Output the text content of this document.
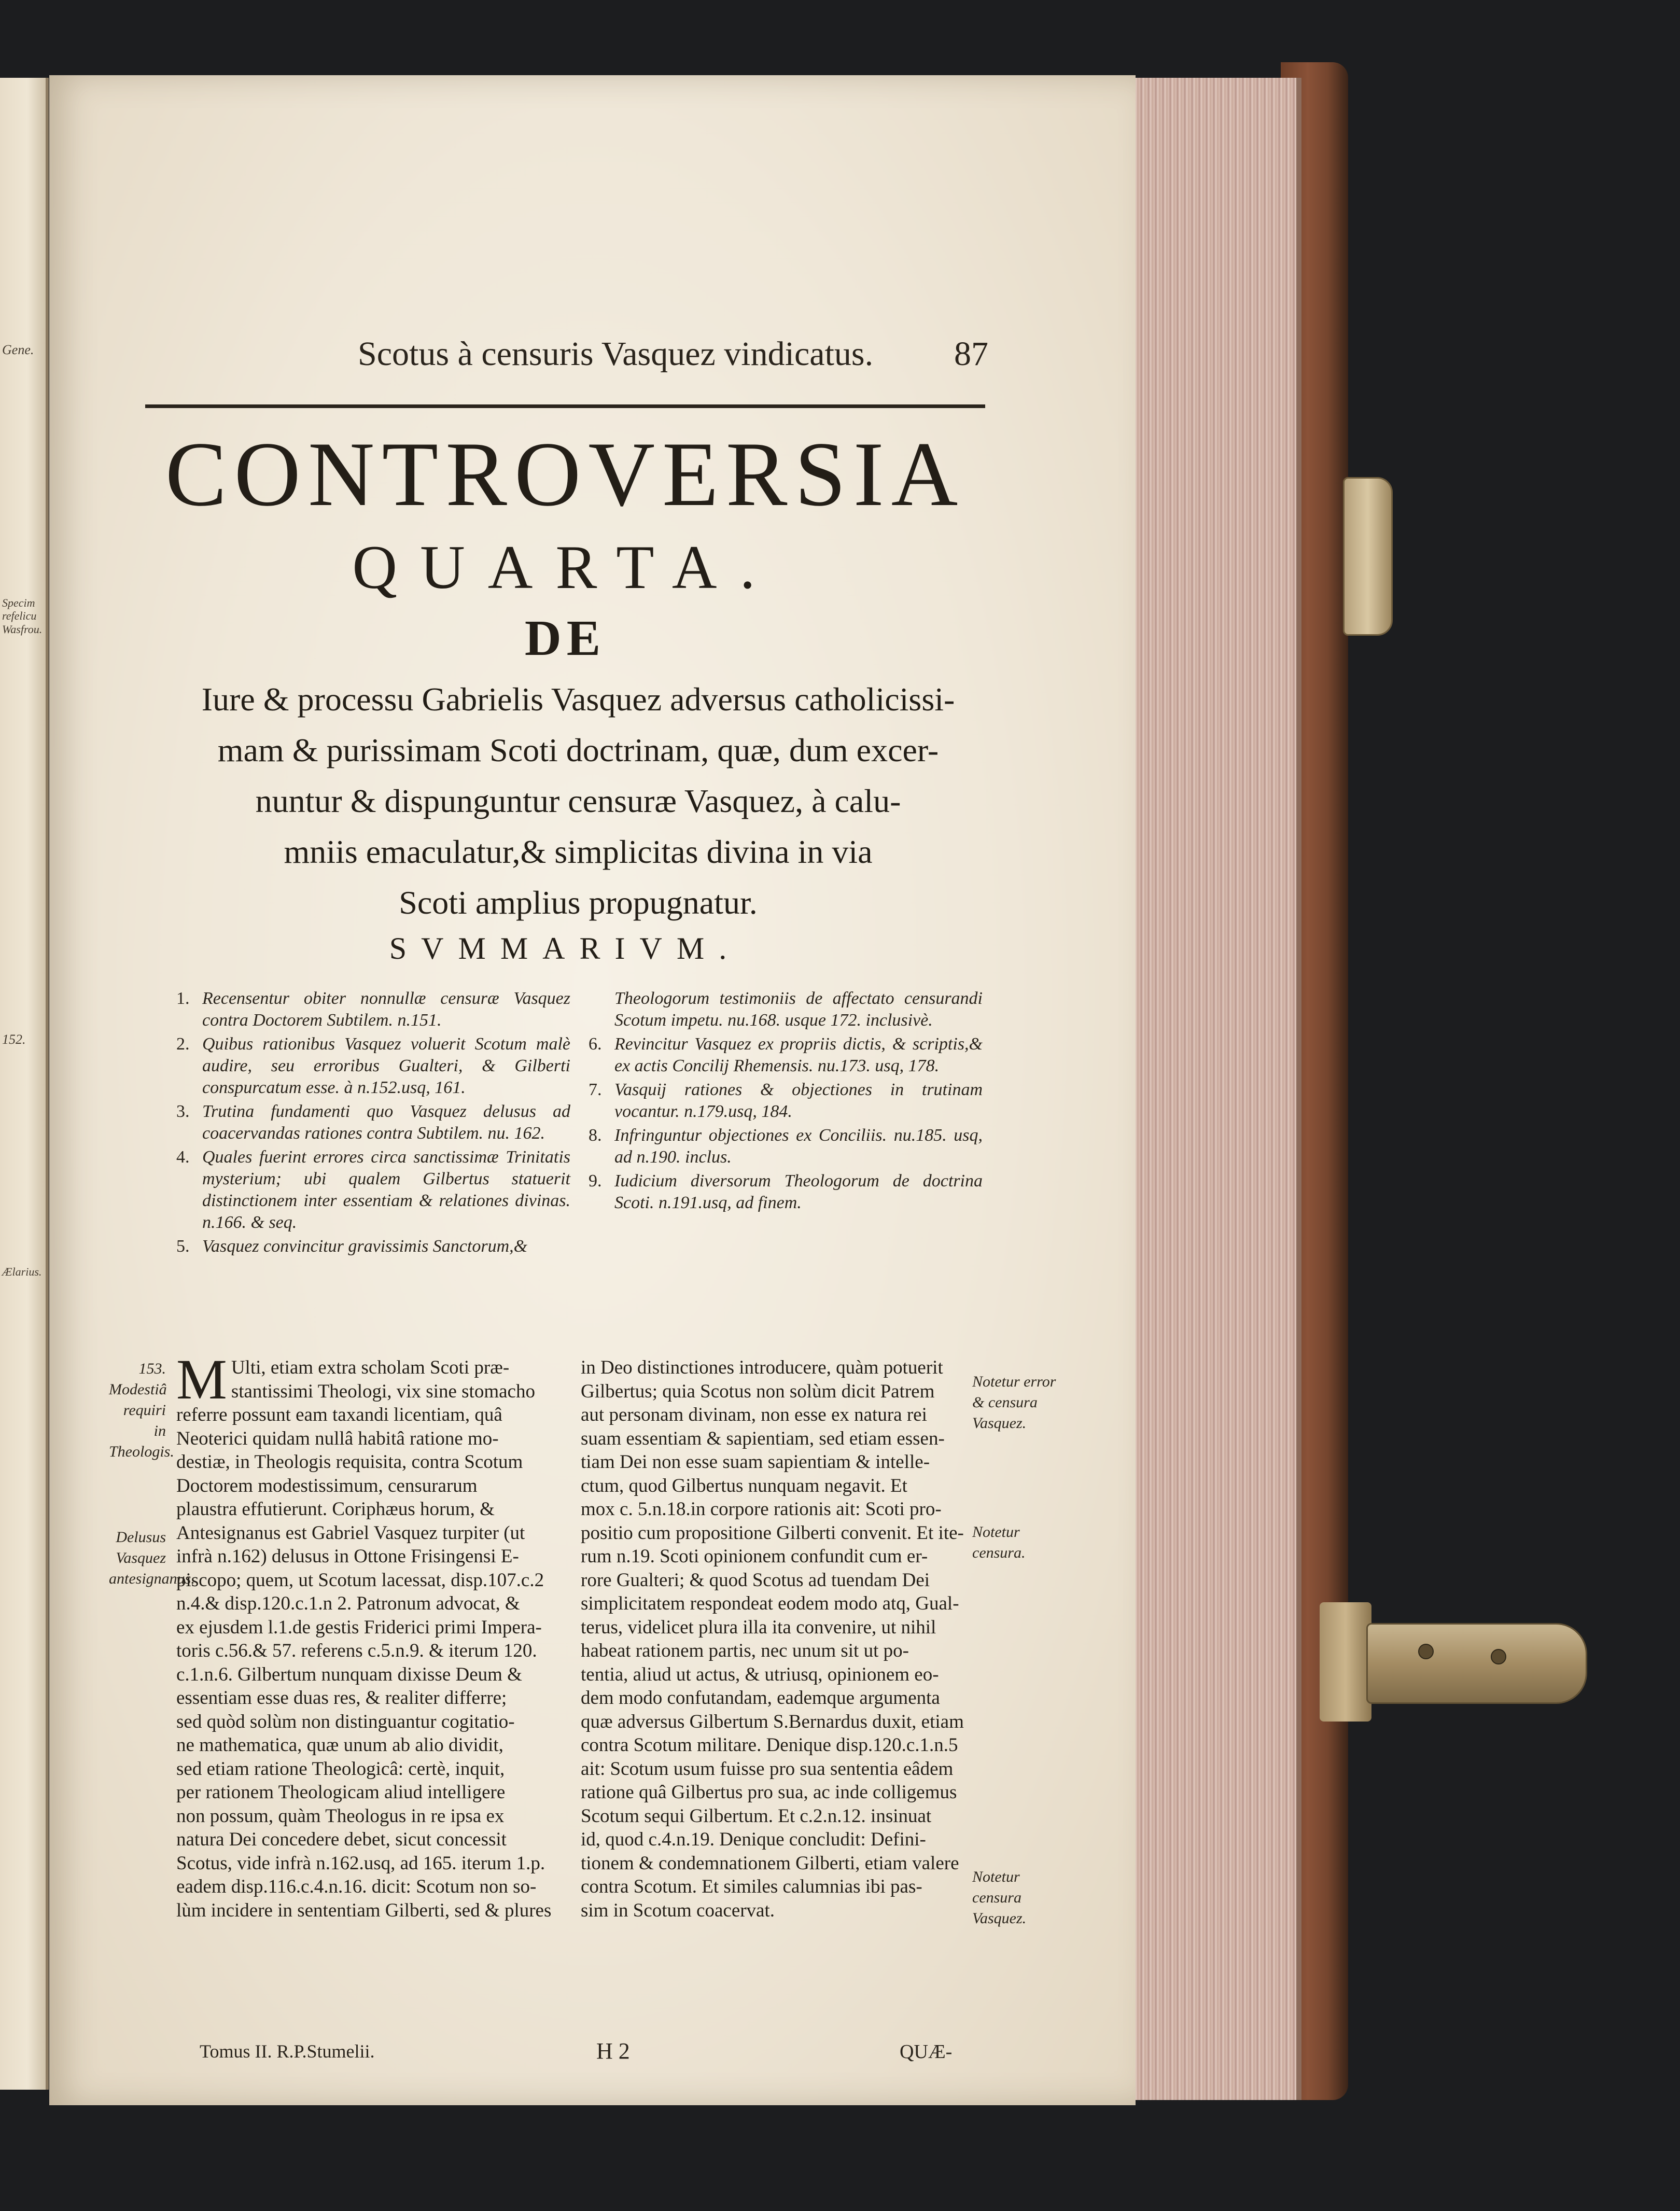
Gene.
Specim refelicu Wasfrou.
152.
Ælarius.
Scotus à censuris Vasquez vindicatus. 87
CONTROVERSIA
QUARTA.
DE

Iure & processu Gabrielis Vasquez adversus catholicissi-

mam & purissimam Scoti doctrinam, quæ, dum excer-

nuntur & dispunguntur censuræ Vasquez, à calu-

mniis emaculatur,& simplicitas divina in via

Scoti amplius propugnatur.

SVMMARIVM.
1. Recensentur obiter nonnullæ censuræ Vasquez contra Doctorem Subtilem. n.151.
2. Quibus rationibus Vasquez voluerit Scotum malè audire, seu erroribus Gualteri, & Gilberti conspurcatum esse. à n.152.usq, 161.
3. Trutina fundamenti quo Vasquez delusus ad coacervandas rationes contra Subtilem. nu. 162.
4. Quales fuerint errores circa sanctissimæ Trinitatis mysterium; ubi qualem Gilbertus statuerit distinctionem inter essentiam & relationes divinas. n.166. & seq.
5. Vasquez convincitur gravissimis Sanctorum,&
Theologorum testimoniis de affectato censurandi Scotum impetu. nu.168. usque 172. inclusivè.
6. Revincitur Vasquez ex propriis dictis, & scriptis,& ex actis Concilij Rhemensis. nu.173. usq, 178.
7. Vasquij rationes & objectiones in trutinam vocantur. n.179.usq, 184.
8. Infringuntur objectiones ex Conciliis. nu.185. usq, ad n.190. inclus.
9. Iudicium diversorum Theologorum de doctrina Scoti. n.191.usq, ad finem.
153. Modestiâ requiri in Theologis.
Delusus Vasquez antesignanus.
Notetur error & censura Vasquez.
Notetur censura.
Notetur censura Vasquez.
M Ulti, etiam extra scholam Scoti præ-
stantissimi Theologi, vix sine stomacho
referre possunt eam taxandi licentiam, quâ
Neoterici quidam nullâ habitâ ratione mo-
destiæ, in Theologis requisita, contra Scotum
Doctorem modestissimum, censurarum
plaustra effutierunt. Coriphæus horum, &
Antesignanus est Gabriel Vasquez turpiter (ut
infrà n.162) delusus in Ottone Frisingensi E-
piscopo; quem, ut Scotum lacessat, disp.107.c.2
n.4.& disp.120.c.1.n 2. Patronum advocat, &
ex ejusdem l.1.de gestis Friderici primi Impera-
toris c.56.& 57. referens c.5.n.9. & iterum 120.
c.1.n.6. Gilbertum nunquam dixisse Deum &
essentiam esse duas res, & realiter differre;
sed quòd solùm non distinguantur cogitatio-
ne mathematica, quæ unum ab alio dividit,
sed etiam ratione Theologicâ: certè, inquit,
per rationem Theologicam aliud intelligere
non possum, quàm Theologus in re ipsa ex
natura Dei concedere debet, sicut concessit
Scotus, vide infrà n.162.usq, ad 165. iterum 1.p.
eadem disp.116.c.4.n.16. dicit: Scotum non so-
lùm incidere in sententiam Gilberti, sed & plures
in Deo distinctiones introducere, quàm potuerit
Gilbertus; quia Scotus non solùm dicit Patrem
aut personam divinam, non esse ex natura rei
suam essentiam & sapientiam, sed etiam essen-
tiam Dei non esse suam sapientiam & intelle-
ctum, quod Gilbertus nunquam negavit. Et
mox c. 5.n.18.in corpore rationis ait: Scoti pro-
positio cum propositione Gilberti convenit. Et ite-
rum n.19. Scoti opinionem confundit cum er-
rore Gualteri; & quod Scotus ad tuendam Dei
simplicitatem respondeat eodem modo atq, Gual-
terus, videlicet plura illa ita convenire, ut nihil
habeat rationem partis, nec unum sit ut po-
tentia, aliud ut actus, & utriusq, opinionem eo-
dem modo confutandam, eademque argumenta
quæ adversus Gilbertum S.Bernardus duxit, etiam
contra Scotum militare. Denique disp.120.c.1.n.5
ait: Scotum usum fuisse pro sua sententia eâdem
ratione quâ Gilbertus pro sua, ac inde colligemus
Scotum sequi Gilbertum. Et c.2.n.12. insinuat
id, quod c.4.n.19. Denique concludit: Defini-
tionem & condemnationem Gilberti, etiam valere
contra Scotum. Et similes calumnias ibi pas-
sim in Scotum coacervat.
Tomus II. R.P.Stumelii.	H 2	QUÆ-
